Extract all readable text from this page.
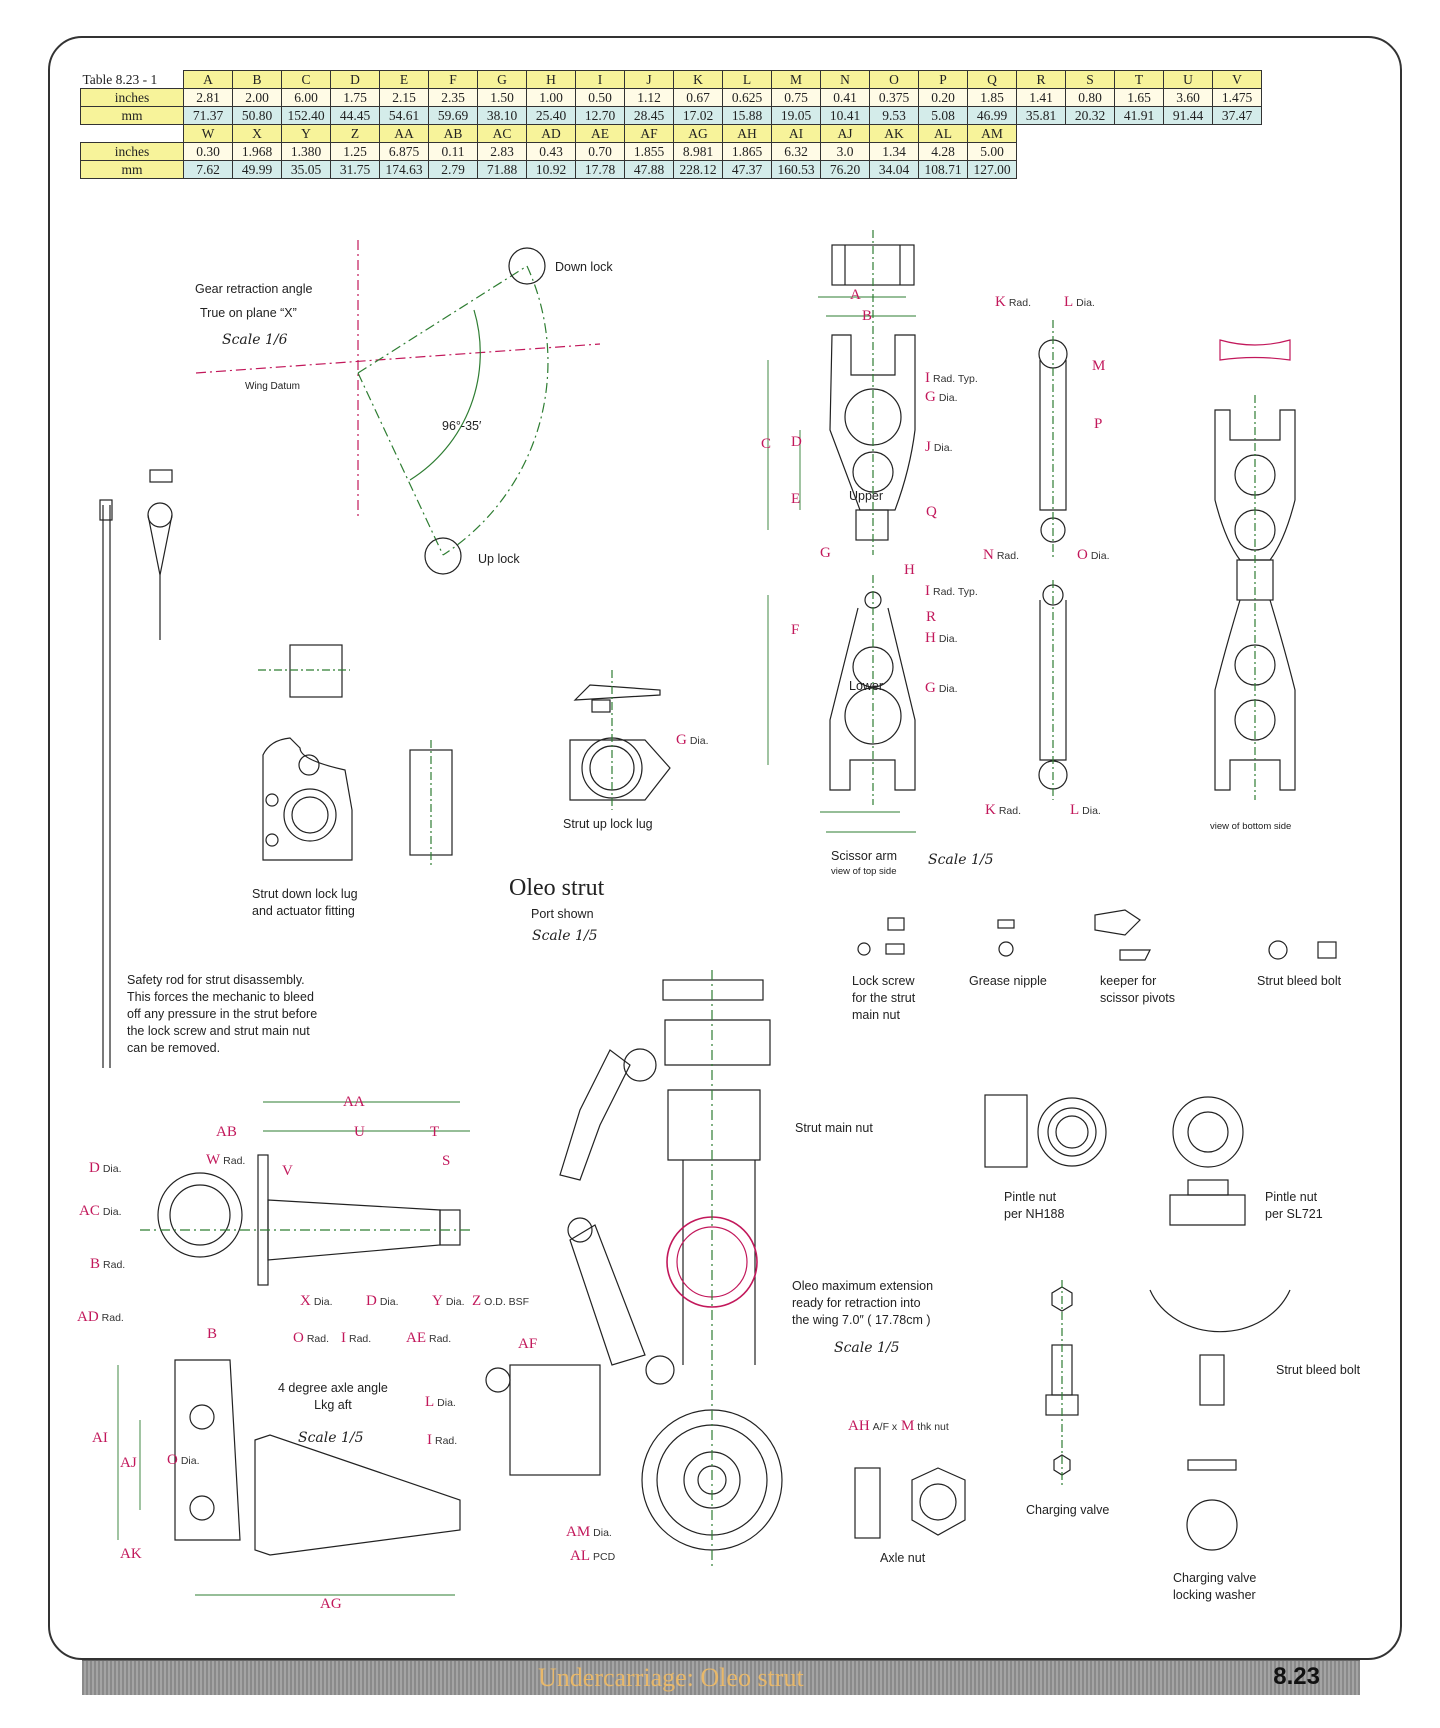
Table 8.23 - 1	A	B	C	D	E	F	G	H	I	J	K	L	M	N	O	P	Q	R	S	T	U	V
inches	2.81	2.00	6.00	1.75	2.15	2.35	1.50	1.00	0.50	1.12	0.67	0.625	0.75	0.41	0.375	0.20	1.85	1.41	0.80	1.65	3.60	1.475
mm	71.37	50.80	152.40	44.45	54.61	59.69	38.10	25.40	12.70	28.45	17.02	15.88	19.05	10.41	9.53	5.08	46.99	35.81	20.32	41.91	91.44	37.47
	W	X	Y	Z	AA	AB	AC	AD	AE	AF	AG	AH	AI	AJ	AK	AL	AM					
inches	0.30	1.968	1.380	1.25	6.875	0.11	2.83	0.43	0.70	1.855	8.981	1.865	6.32	3.0	1.34	4.28	5.00					
mm	7.62	49.99	35.05	31.75	174.63	2.79	71.88	10.92	17.78	47.88	228.12	47.37	160.53	76.20	34.04	108.71	127.00					
Gear retraction angle
True on plane “X”
Scale 1/6
Wing Datum
96°-35′
Down lock
Up lock
Strut down lock lug
and actuator fitting
Strut up lock lug
Oleo strut
Port shown
Scale 1/5
Upper
Lower
Scissor arm
view of top side
Scale 1/5
view of bottom side
Safety rod for strut disassembly.
This forces the mechanic to bleed
off any pressure in the strut before
the lock screw and strut main nut
can be removed.
Lock screw
for the strut
main nut
Grease nipple	keeper for
scissor pivots
Strut bleed bolt
Strut main nut
Pintle nut
per NH188
Pintle nut
per SL721
Oleo maximum extension
ready for retraction into
the wing 7.0″ ( 17.78cm )
Scale 1/5
Strut bleed bolt
Charging valve
Charging valve
locking washer
Axle nut
4 degree axle angle
Lkg aft
Scale 1/5
I Rad. Typ.
G Dia.
J Dia.
I Rad. Typ.
H Dia.
G Dia.
G Dia.
K Rad. L Dia.
N Rad.	O Dia.
K Rad.	L Dia.
D Dia.
AC Dia.
B Rad.
AD Rad.
W Rad.
X Dia. D Dia. Y Dia. Z O.D. BSF
O Rad. I Rad. AE Rad.
L Dia.
I Rad.
O Dia.
AM Dia.
AL PCD
AH A/F x M thk nut
A
B
C D
E
F
G
H
Q
R
M
P
AA
AB	U	T
V
S
B
AF
AI
AJ
AK
AG
Undercarriage: Oleo strut	8.23
